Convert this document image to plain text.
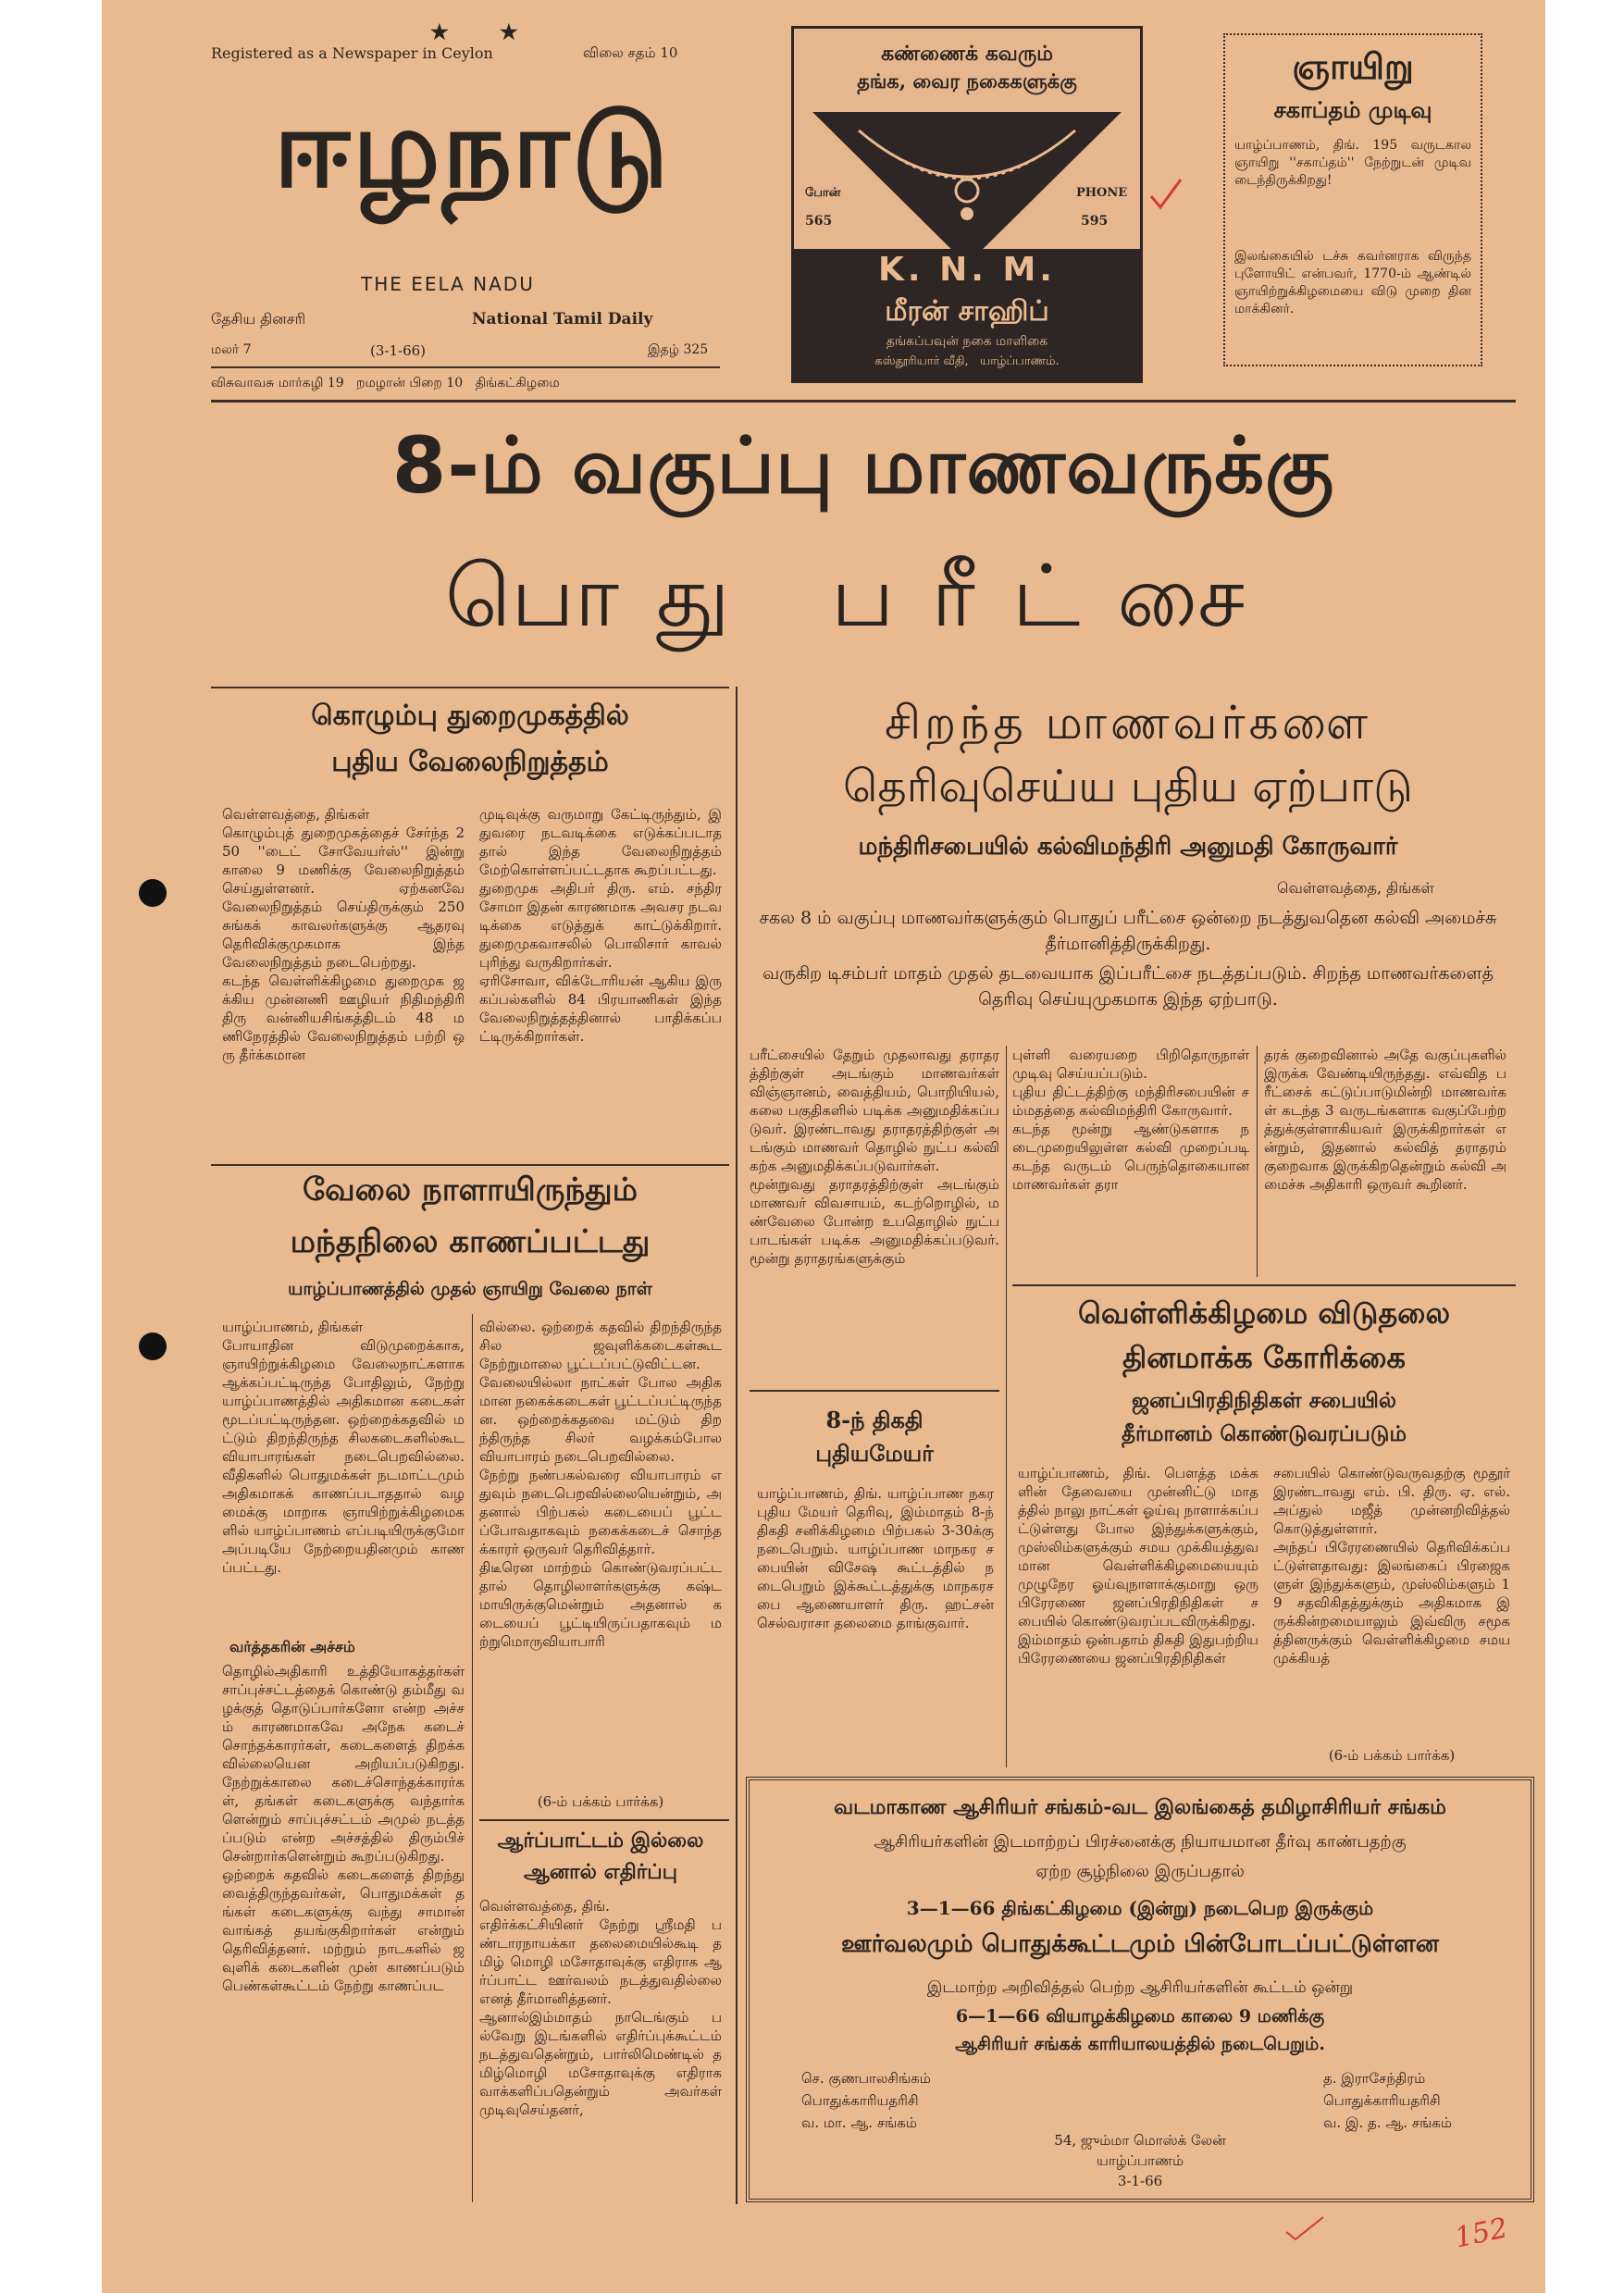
Registered as a Newspaper in Ceylon	விலை சதம் 10
★	★
ஈழநாடு
THE EELA NADU
தேசிய தினசரி	National Tamil Daily
மலர் 7	(3-1-66)	இதழ் 325
விசுவாவசு மார்கழி 19   றமழான் பிறை 10   திங்கட்கிழமை
கண்ணைக் கவரும்
தங்க, வைர நகைகளுக்கு
போன்
565
PHONE
595
K. N. M.
மீரன் சாஹிப்
தங்கப்பவுன் நகை மாளிகை
கஸ்தூரியார் வீதி,   யாழ்ப்பாணம்.
ஞாயிறு
சகாப்தம் முடிவு
யாழ்ப்பாணம், திங். 195 வருடகால ஞாயிறு ''சகாப்தம்'' நேற்றுடன் முடிவடைந்திருக்கிறது!
இலங்கையில் டச்சு கவர்னராக விருந்த புளோயிட் என்பவர், 1770-ம் ஆண்டில் ஞாயிற்றுக்கிழமையை விடு முறை தினமாக்கினர்.
8-ம் வகுப்பு மாணவருக்கு
பொது பரீட்சை
கொழும்பு துறைமுகத்தில்
புதிய வேலைநிறுத்தம்
வெள்ளவத்தை, திங்கள்
கொழும்புத் துறைமுகத்தைச் சேர்ந்த 250 ''டைட் சோவேயர்ஸ்'' இன்று காலை 9 மணிக்கு வேலைநிறுத்தம் செய்துள்ளனர். ஏற்கனவே வேலைநிறுத்தம் செய்திருக்கும் 250 சுங்கக் காவலர்களுக்கு ஆதரவு தெரிவிக்குமுகமாக இந்த வேலைநிறுத்தம் நடைபெற்றது.
கடந்த வெள்ளிக்கிழமை துறைமுக ஜக்கிய முன்னணி ஊழியர் நிதிமந்திரி திரு வன்னியசிங்கத்திடம் 48 மணிநேரத்தில் வேலைநிறுத்தம் பற்றி ஒரு தீர்க்கமான
முடிவுக்கு வருமாறு கேட்டிருந்தும், இதுவரை நடவடிக்கை எடுக்கப்படாததால் இந்த வேலைநிறுத்தம் மேற்கொள்ளப்பட்டதாக கூறப்பட்டது.
துறைமுக அதிபர் திரு. எம். சந்திரசோமா இதன் காரணமாக அவசர நடவடிக்கை எடுத்துக் காட்டுக்கிறார். துறைமுகவாசலில் பொலிசார் காவல் புரிந்து வருகிறார்கள்.
ஏரிசோவா, விக்டோரியன் ஆகிய இரு கப்பல்களில் 84 பிரயாணிகள் இந்த வேலைநிறுத்தத்தினால் பாதிக்கப்பட்டிருக்கிறார்கள்.
வேலை நாளாயிருந்தும்
மந்தநிலை காணப்பட்டது
யாழ்ப்பாணத்தில் முதல் ஞாயிறு வேலை நாள்
யாழ்ப்பாணம், திங்கள்
போயாதின விடுமுறைக்காக, ஞாயிற்றுக்கிழமை வேலைநாட்களாக ஆக்கப்பட்டிருந்த போதிலும், நேற்று யாழ்ப்பாணத்தில் அதிகமான கடைகள் மூடப்பட்டிருந்தன. ஒற்றைக்கதவில் மட்டும் திறந்திருந்த சிலகடைகளில்கூட வியாபாரங்கள் நடைபெறவில்லை. வீதிகளில் பொதுமக்கள் நடமாட்டமும் அதிகமாகக் காணப்படாததால் வழமைக்கு மாறாக ஞாயிற்றுக்கிழமைகளில் யாழ்ப்பாணம் எப்படியிருக்குமோ அப்படியே நேற்றையதினமும் காணப்பட்டது.
வர்த்தகரின் அச்சம்
தொழில்அதிகாரி உத்தியோகத்தர்கள் சாப்புச்சட்டத்தைக் கொண்டு தம்மீது வழக்குத் தொடுப்பார்களோ என்ற அச்சம் காரணமாகவே அநேக கடைச் சொந்தக்காரர்கள், கடைகளைத் திறக்கவில்லையென அறியப்படுகிறது. நேற்றுக்காலை கடைச்சொந்தக்காரர்கள், தங்கள் கடைகளுக்கு வந்தார்களென்றும் சாப்புச்சட்டம் அமுல் நடத்தப்படும் என்ற அச்சத்தில் திரும்பிச் சென்றார்களென்றும் கூறப்படுகிறது.
ஒற்றைக் கதவில் கடைகளைத் திறந்து வைத்திருந்தவர்கள், பொதுமக்கள் தங்கள் கடைகளுக்கு வந்து சாமான் வாங்கத் தயங்குகிறார்கள் என்றும் தெரிவித்தனர். மற்றும் நாடகளில் ஜவுளிக் கடைகளின் முன் காணப்படும் பெண்கள்கூட்டம் நேற்று காணப்பட
வில்லை. ஒற்றைக் கதவில் திறந்திருந்த சில ஜவுளிக்கடைகள்கூட நேற்றுமாலை பூட்டப்பட்டுவிட்டன.
வேலையில்லா நாட்கள் போல அதிகமான நகைக்கடைகள் பூட்டப்பட்டிருந்தன. ஒற்றைக்கதவை மட்டும் திறந்திருந்த சிலர் வழக்கம்போல வியாபாரம் நடைபெறவில்லை.
நேற்று நண்பகல்வரை வியாபாரம் எதுவும் நடைபெறவில்லையென்றும், அதனால் பிற்பகல் கடையைப் பூட்டப்போவதாகவும் நகைக்கடைச் சொந்தக்காரர் ஒருவர் தெரிவித்தார்.
திடீரென மாற்றம் கொண்டுவரப்பட்டதால் தொழிலாளர்களுக்கு கஷ்டமாயிருக்குமென்றும் அதனால் கடையைப் பூட்டியிருப்பதாகவும் மற்றுமொருவியாபாரி
(6-ம் பக்கம் பார்க்க)
ஆர்ப்பாட்டம் இல்லை
ஆனால் எதிர்ப்பு
வெள்ளவத்தை, திங்.
எதிர்க்கட்சியினர் நேற்று ஸ்ரீமதி பண்டாரநாயக்கா தலைமையில்கூடி தமிழ் மொழி மசோதாவுக்கு எதிராக ஆர்ப்பாட்ட ஊர்வலம் நடத்துவதில்லை எனத் தீர்மானித்தனர்.
ஆனால்இம்மாதம் நாடெங்கும் பல்வேறு இடங்களில் எதிர்ப்புக்கூட்டம் நடத்துவதென்றும், பார்லிமெண்டில் தமிழ்மொழி மசோதாவுக்கு எதிராக வாக்களிப்பதென்றும் அவர்கள் முடிவுசெய்தனர்,
சிறந்த மாணவர்களை
தெரிவுசெய்ய புதிய ஏற்பாடு
மந்திரிசபையில் கல்விமந்திரி அனுமதி கோருவார்
வெள்ளவத்தை, திங்கள்
சகல 8 ம் வகுப்பு மாணவர்களுக்கும் பொதுப் பரீட்சை ஒன்றை நடத்துவதென கல்வி அமைச்சு தீர்மானித்திருக்கிறது.
வருகிற டிசம்பர் மாதம் முதல் தடவையாக இப்பரீட்சை நடத்தப்படும். சிறந்த மாணவர்களைத் தெரிவு செய்யுமுகமாக இந்த ஏற்பாடு.
பரீட்சையில் தேறும் முதலாவது தராதரத்திற்குள் அடங்கும் மாணவர்கள் விஞ்ஞானம், வைத்தியம், பொறியியல், கலை பகுதிகளில் படிக்க அனுமதிக்கப்படுவர். இரண்டாவது தராதரத்திற்குள் அடங்கும் மாணவர் தொழில் நுட்ப கல்வி கற்க அனுமதிக்கப்படுவார்கள்.
மூன்றுவது தராதரத்திற்குள் அடங்கும் மாணவர் விவசாயம், கடற்றொழில், மண்வேலை போன்ற உபதொழில் நுட்ப பாடங்கள் படிக்க அனுமதிக்கப்படுவர். மூன்று தராதரங்களுக்கும்
புள்ளி வரையறை பிறிதொருநாள் முடிவு செய்யப்படும்.
புதிய திட்டத்திற்கு மந்திரிசபையின் சம்மதத்தை கல்விமந்திரி கோருவார்.
கடந்த மூன்று ஆண்டுகளாக நடைமுறையிலுள்ள கல்வி முறைப்படி கடந்த வருடம் பெருந்தொகையான மாணவர்கள் தரா
தரக் குறைவினால் அதே வகுப்புகளில் இருக்க வேண்டியிருந்தது. எவ்வித பரீட்சைக் கட்டுப்பாடுமின்றி மாணவர்கள் கடந்த 3 வருடங்களாக வகுப்பேற்றத்துக்குள்ளாகியவர் இருக்கிறார்கள் என்றும், இதனால் கல்வித் தராதரம் குறைவாக இருக்கிறதென்றும் கல்வி அமைச்சு அதிகாரி ஒருவர் கூறினர்.
8-ந் திகதி
புதியமேயர்
யாழ்ப்பாணம், திங். யாழ்ப்பாண நகர புதிய மேயர் தெரிவு, இம்மாதம் 8-ந் திகதி சனிக்கிழமை பிற்பகல் 3-30க்கு நடைபெறும். யாழ்ப்பாண மாநகர சபையின் விசேஷ கூட்டத்தில் நடைபெறும் இக்கூட்டத்துக்கு மாநகரசபை ஆணையாளர் திரு. ஹட்சன் செல்வராசா தலைமை தாங்குவார்.
வெள்ளிக்கிழமை விடுதலை
தினமாக்க கோரிக்கை
ஜனப்பிரதிநிதிகள் சபையில்
தீர்மானம் கொண்டுவரப்படும்
யாழ்ப்பாணம், திங். பௌத்த மக்களின் தேவையை முன்னிட்டு மாதத்தில் நாலு நாட்கள் ஓய்வு நாளாக்கப்பட்டுள்ளது போல இந்துக்களுக்கும், முஸ்லிம்களுக்கும் சமய முக்கியத்துவமான வெள்ளிக்கிழமையையும் முழுநேர ஓய்வுநாளாக்குமாறு ஒரு பிரேரணை ஜனப்பிரதிநிதிகள் சபையில் கொண்டுவரப்படவிருக்கிறது.
இம்மாதம் ஒன்பதாம் திகதி இதுபற்றிய பிரேரணையை ஜனப்பிரதிநிதிகள்
சபையில் கொண்டுவருவதற்கு மூதூர் இரண்டாவது எம். பி. திரு. ஏ. எல். அப்துல் மஜீத் முன்னறிவித்தல் கொடுத்துள்ளார்.
அந்தப் பிரேரணையில் தெரிவிக்கப்பட்டுள்ளதாவது: இலங்கைப் பிரஜைகளுள் இந்துக்களும், முஸ்லிம்களும் 19 சதவிகிதத்துக்கும் அதிகமாக இருக்கின்றமையாலும் இவ்விரு சமூகத்தினருக்கும் வெள்ளிக்கிழமை சமய முக்கியத்
(6-ம் பக்கம் பார்க்க)
வடமாகாண ஆசிரியர் சங்கம்-வட இலங்கைத் தமிழாசிரியர் சங்கம்
ஆசிரியர்களின் இடமாற்றப் பிரச்னைக்கு நியாயமான தீர்வு காண்பதற்கு
ஏற்ற சூழ்நிலை இருப்பதால்
3—1—66 திங்கட்கிழமை (இன்று) நடைபெற இருக்கும்
ஊர்வலமும் பொதுக்கூட்டமும் பின்போடப்பட்டுள்ளன
இடமாற்ற அறிவித்தல் பெற்ற ஆசிரியர்களின் கூட்டம் ஒன்று
6—1—66 வியாழக்கிழமை காலை 9 மணிக்கு
ஆசிரியர் சங்கக் காரியாலயத்தில் நடைபெறும்.
செ. குணபாலசிங்கம்
பொதுக்காரியதரிசி
வ. மா. ஆ. சங்கம்
த. இராசேந்திரம்
பொதுக்காரியதரிசி
வ. இ. த. ஆ. சங்கம்
54, ஜும்மா மொஸ்க் லேன்
யாழ்ப்பாணம்
3-1-66
152
